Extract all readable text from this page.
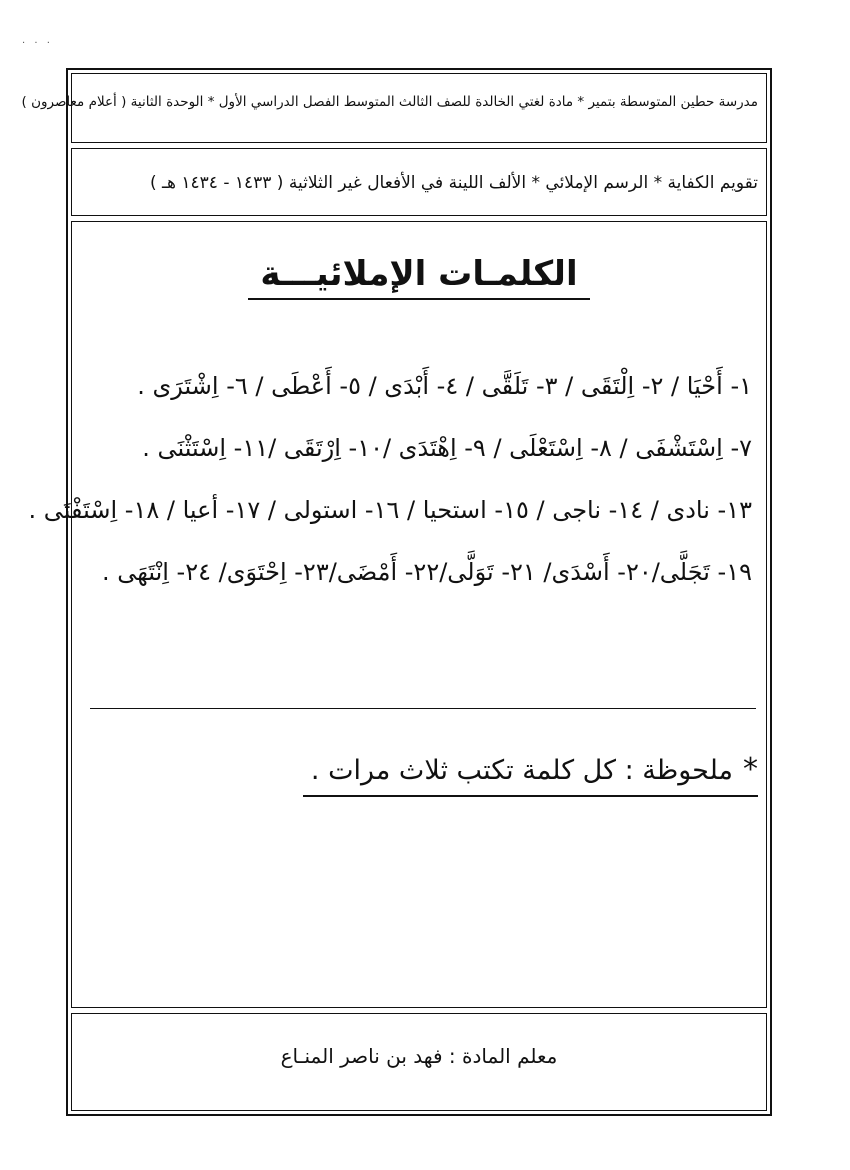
· · ·
مدرسة حطين المتوسطة بتمير * مادة لغتي الخالدة للصف الثالث المتوسط الفصل الدراسي الأول * الوحدة الثانية ( أعلام معاصرون )
تقويم الكفاية * الرسم الإملائي * الألف اللينة في الأفعال غير الثلاثية ( ١٤٣٣ - ١٤٣٤ هـ )
الكلمـات الإملائيـــة
١- أَحْيَا / ٢- اِلْتَقَى / ٣- تَلَقَّى / ٤- أَبْدَى / ٥- أَعْطَى / ٦- اِشْتَرَى .
٧- اِسْتَشْفَى / ٨- اِسْتَعْلَى / ٩- اِهْتَدَى /١٠- اِرْتَقَى /١١- اِسْتَثْنَى .
١٣- نادى / ١٤- ناجى / ١٥- استحيا / ١٦- استولى / ١٧- أعيا / ١٨- اِسْتَفْتَى .
١٩- تَجَلَّى/٢٠- أَسْدَى/ ٢١- تَوَلَّى/٢٢- أَمْضَى/٢٣- اِحْتَوَى/ ٢٤- اِنْتَهَى .
*ملحوظة : كل كلمة تكتب ثلاث مرات .
معلم المادة : فهد بن ناصر المنـاع
